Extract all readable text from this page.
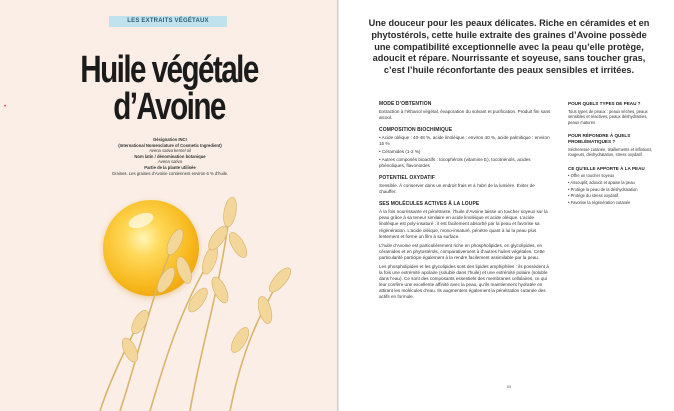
LES EXTRAITS VÉGÉTAUX
Huile végétale
d’Avoine
Désignation INCI
(International Nomenclature of Cosmetic Ingredient)
Avena sativa kernel oil
Nom latin / dénomination botanique
Avena sativa
Partie de la plante utilisée
Graines. Les graines d’Avoine contiennent environ 6 % d’huile.
•
Une douceur pour les peaux délicates. Riche en céramides et en phytostérols, cette huile extraite des graines d’Avoine possède une compatibilité exceptionnelle avec la peau qu’elle protège, adoucit et répare. Nourrissante et soyeuse, sans toucher gras, c’est l’huile réconfortante des peaux sensibles et irritées.
MODE D’OBTENTION

Extraction à l’éthanol végétal, évaporation du solvant et purification. Produit fini sans alcool.

COMPOSITION BIOCHIMIQUE
• Acide oléique : 40-48 %, acide linoléique : environ 40 %, acide palmitique : environ 15 %
• Céramides (1-2 %)
• Autres composés bioactifs : tocophérols (vitamine E), tocotriénols, acides phénoliques, flavonoïdes
POTENTIEL OXYDATIF

Sensible. À conserver dans un endroit frais et à l’abri de la lumière. Éviter de chauffer.

SES MOLÉCULES ACTIVES À LA LOUPE

À la fois nourrissante et pénétrante, l’huile d’Avoine laisse un toucher soyeux sur la peau grâce à sa teneur similaire en acide linoléique et acide oléique. L’acide linoléique est poly-insaturé : il est facilement absorbé par la peau et favorise sa régénération. L’acide oléique, mono-insaturé, pénètre quant à lui la peau plus lentement et forme un film à sa surface.

L’huile d’Avoine est particulièrement riche en phospholipides, en glycolipides, en céramides et en phytostérols, comparativement à d’autres huiles végétales. Cette particularité participe également à la rendre facilement assimilable par la peau.

Les phospholipides et les glycolipides sont des lipides amphiphiles : ils possèdent à la fois une extrémité apolaire (soluble dans l’huile) et une extrémité polaire (soluble dans l’eau). Ce sont des composants essentiels des membranes cellulaires, ce qui leur confère une excellente affinité avec la peau, qu’ils maintiennent hydratée en attirant les molécules d’eau. Ils augmentent également la pénétration cutanée des actifs en formule.

POUR QUELS TYPES DE PEAU ?

Tous types de peaux : peaux sèches, peaux sensibles et réactives, peaux déshydratées, peaux matures

POUR RÉPONDRE À QUELS PROBLÉMATIQUES ?

Sécheresse cutanée, tiraillements et inflations, rougeurs, déshydratation, stress oxydatif

CE QU’ELLE APPORTE À LA PEAU
• Offre un toucher soyeux
• Assouplit, adoucit et apaise la peau
• Protège la peau de la déshydratation
• Protège du stress oxydatif
• Favorise la régénération cutanée
85
